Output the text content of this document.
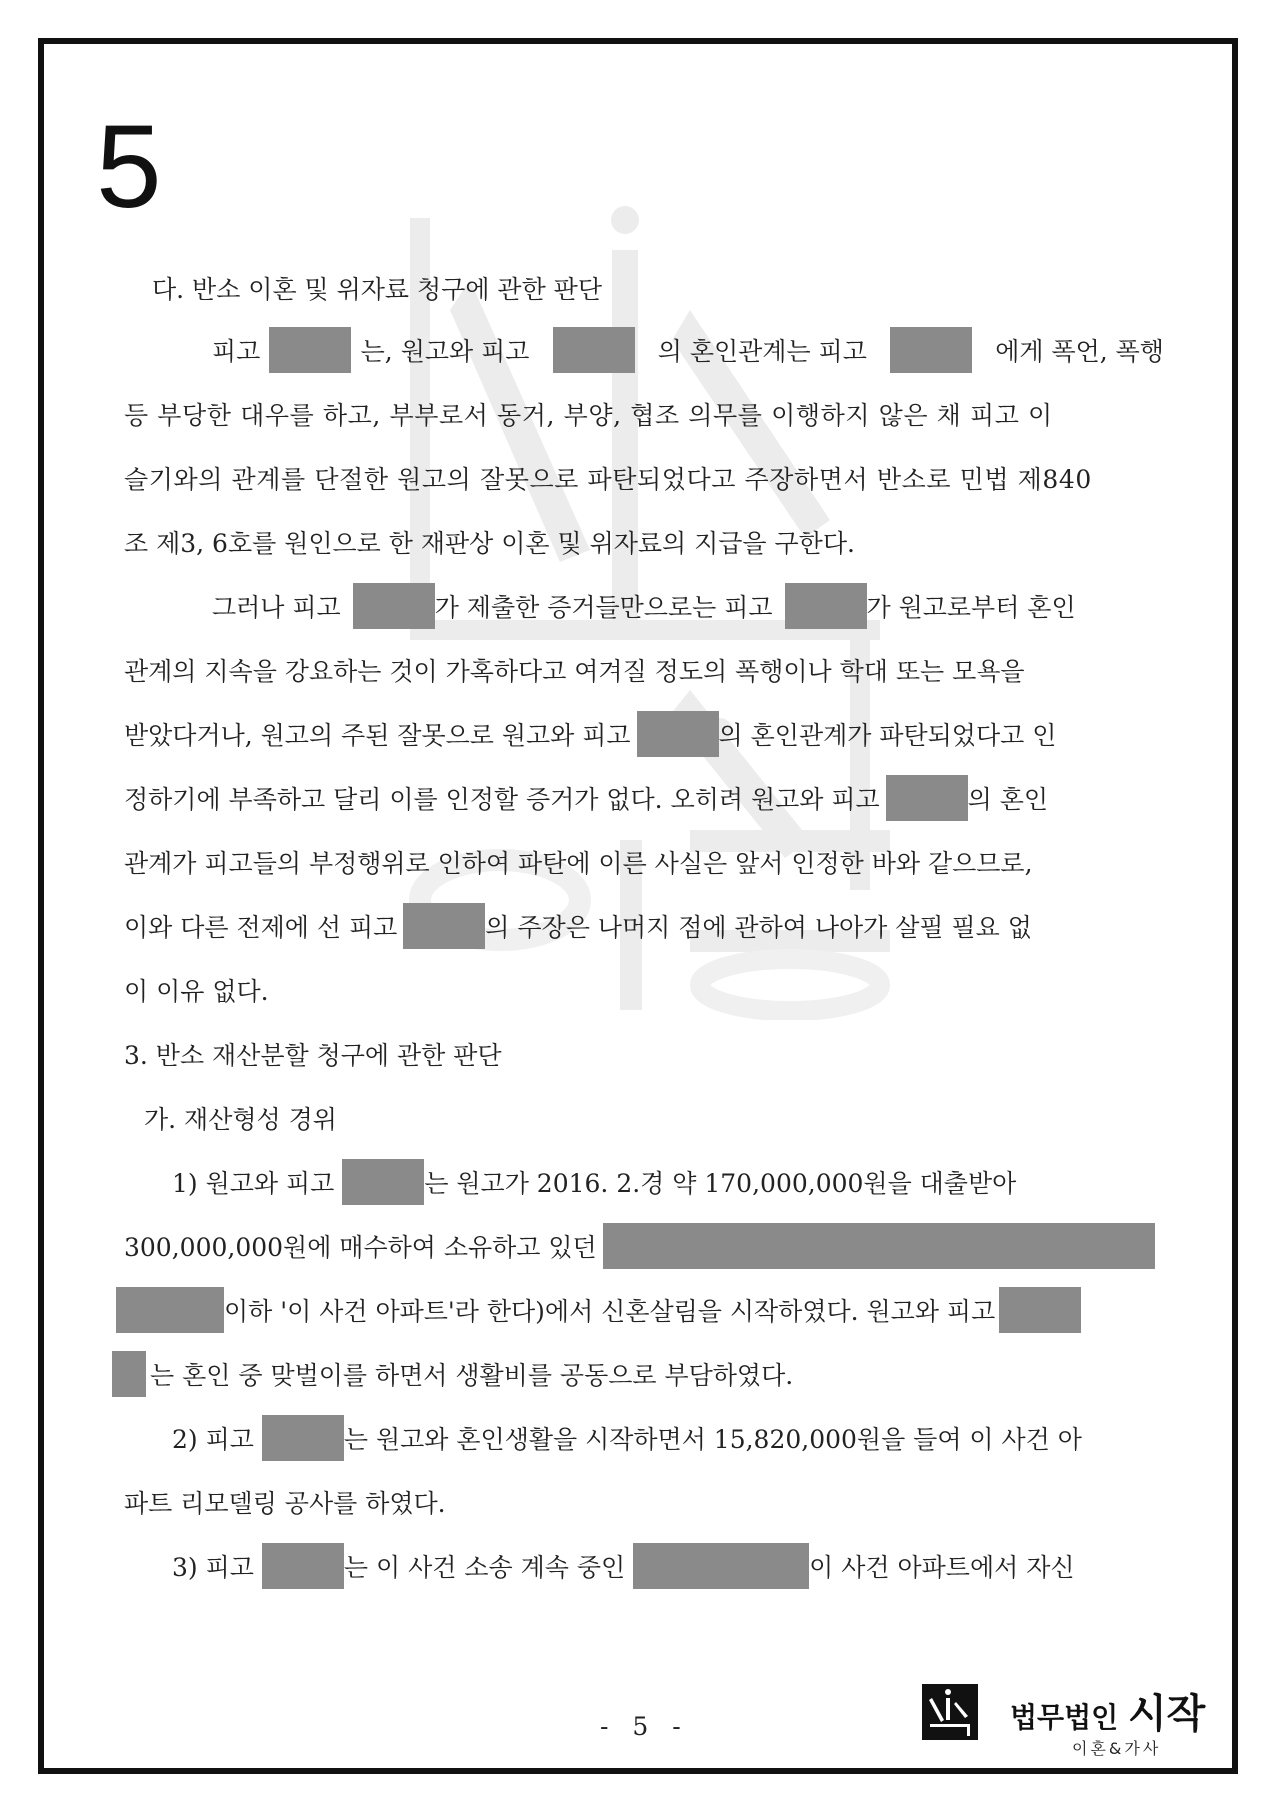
5
다. 반소 이혼 및 위자료 청구에 관한 판단
피고	는, 원고와 피고	의 혼인관계는 피고	에게 폭언, 폭행
등 부당한 대우를 하고, 부부로서 동거, 부양, 협조 의무를 이행하지 않은 채 피고 이
슬기와의 관계를 단절한 원고의 잘못으로 파탄되었다고 주장하면서 반소로 민법 제840
조 제3, 6호를 원인으로 한 재판상 이혼 및 위자료의 지급을 구한다.
그러나 피고	가 제출한 증거들만으로는 피고	가 원고로부터 혼인
관계의 지속을 강요하는 것이 가혹하다고 여겨질 정도의 폭행이나 학대 또는 모욕을
받았다거나, 원고의 주된 잘못으로 원고와 피고	의 혼인관계가 파탄되었다고 인
정하기에 부족하고 달리 이를 인정할 증거가 없다. 오히려 원고와 피고	의 혼인
관계가 피고들의 부정행위로 인하여 파탄에 이른 사실은 앞서 인정한 바와 같으므로,
이와 다른 전제에 선 피고	의 주장은 나머지 점에 관하여 나아가 살필 필요 없
이 이유 없다.
3. 반소 재산분할 청구에 관한 판단
가. 재산형성 경위
1) 원고와 피고	는 원고가 2016. 2.경 약 170,000,000원을 대출받아
300,000,000원에 매수하여 소유하고 있던
이하 '이 사건 아파트'라 한다)에서 신혼살림을 시작하였다. 원고와 피고
는 혼인 중 맞벌이를 하면서 생활비를 공동으로 부담하였다.
2) 피고	는 원고와 혼인생활을 시작하면서 15,820,000원을 들여 이 사건 아
파트 리모델링 공사를 하였다.
3) 피고	는 이 사건 소송 계속 중인	이 사건 아파트에서 자신
- 5 -	법무법인 시작
이혼&가사
